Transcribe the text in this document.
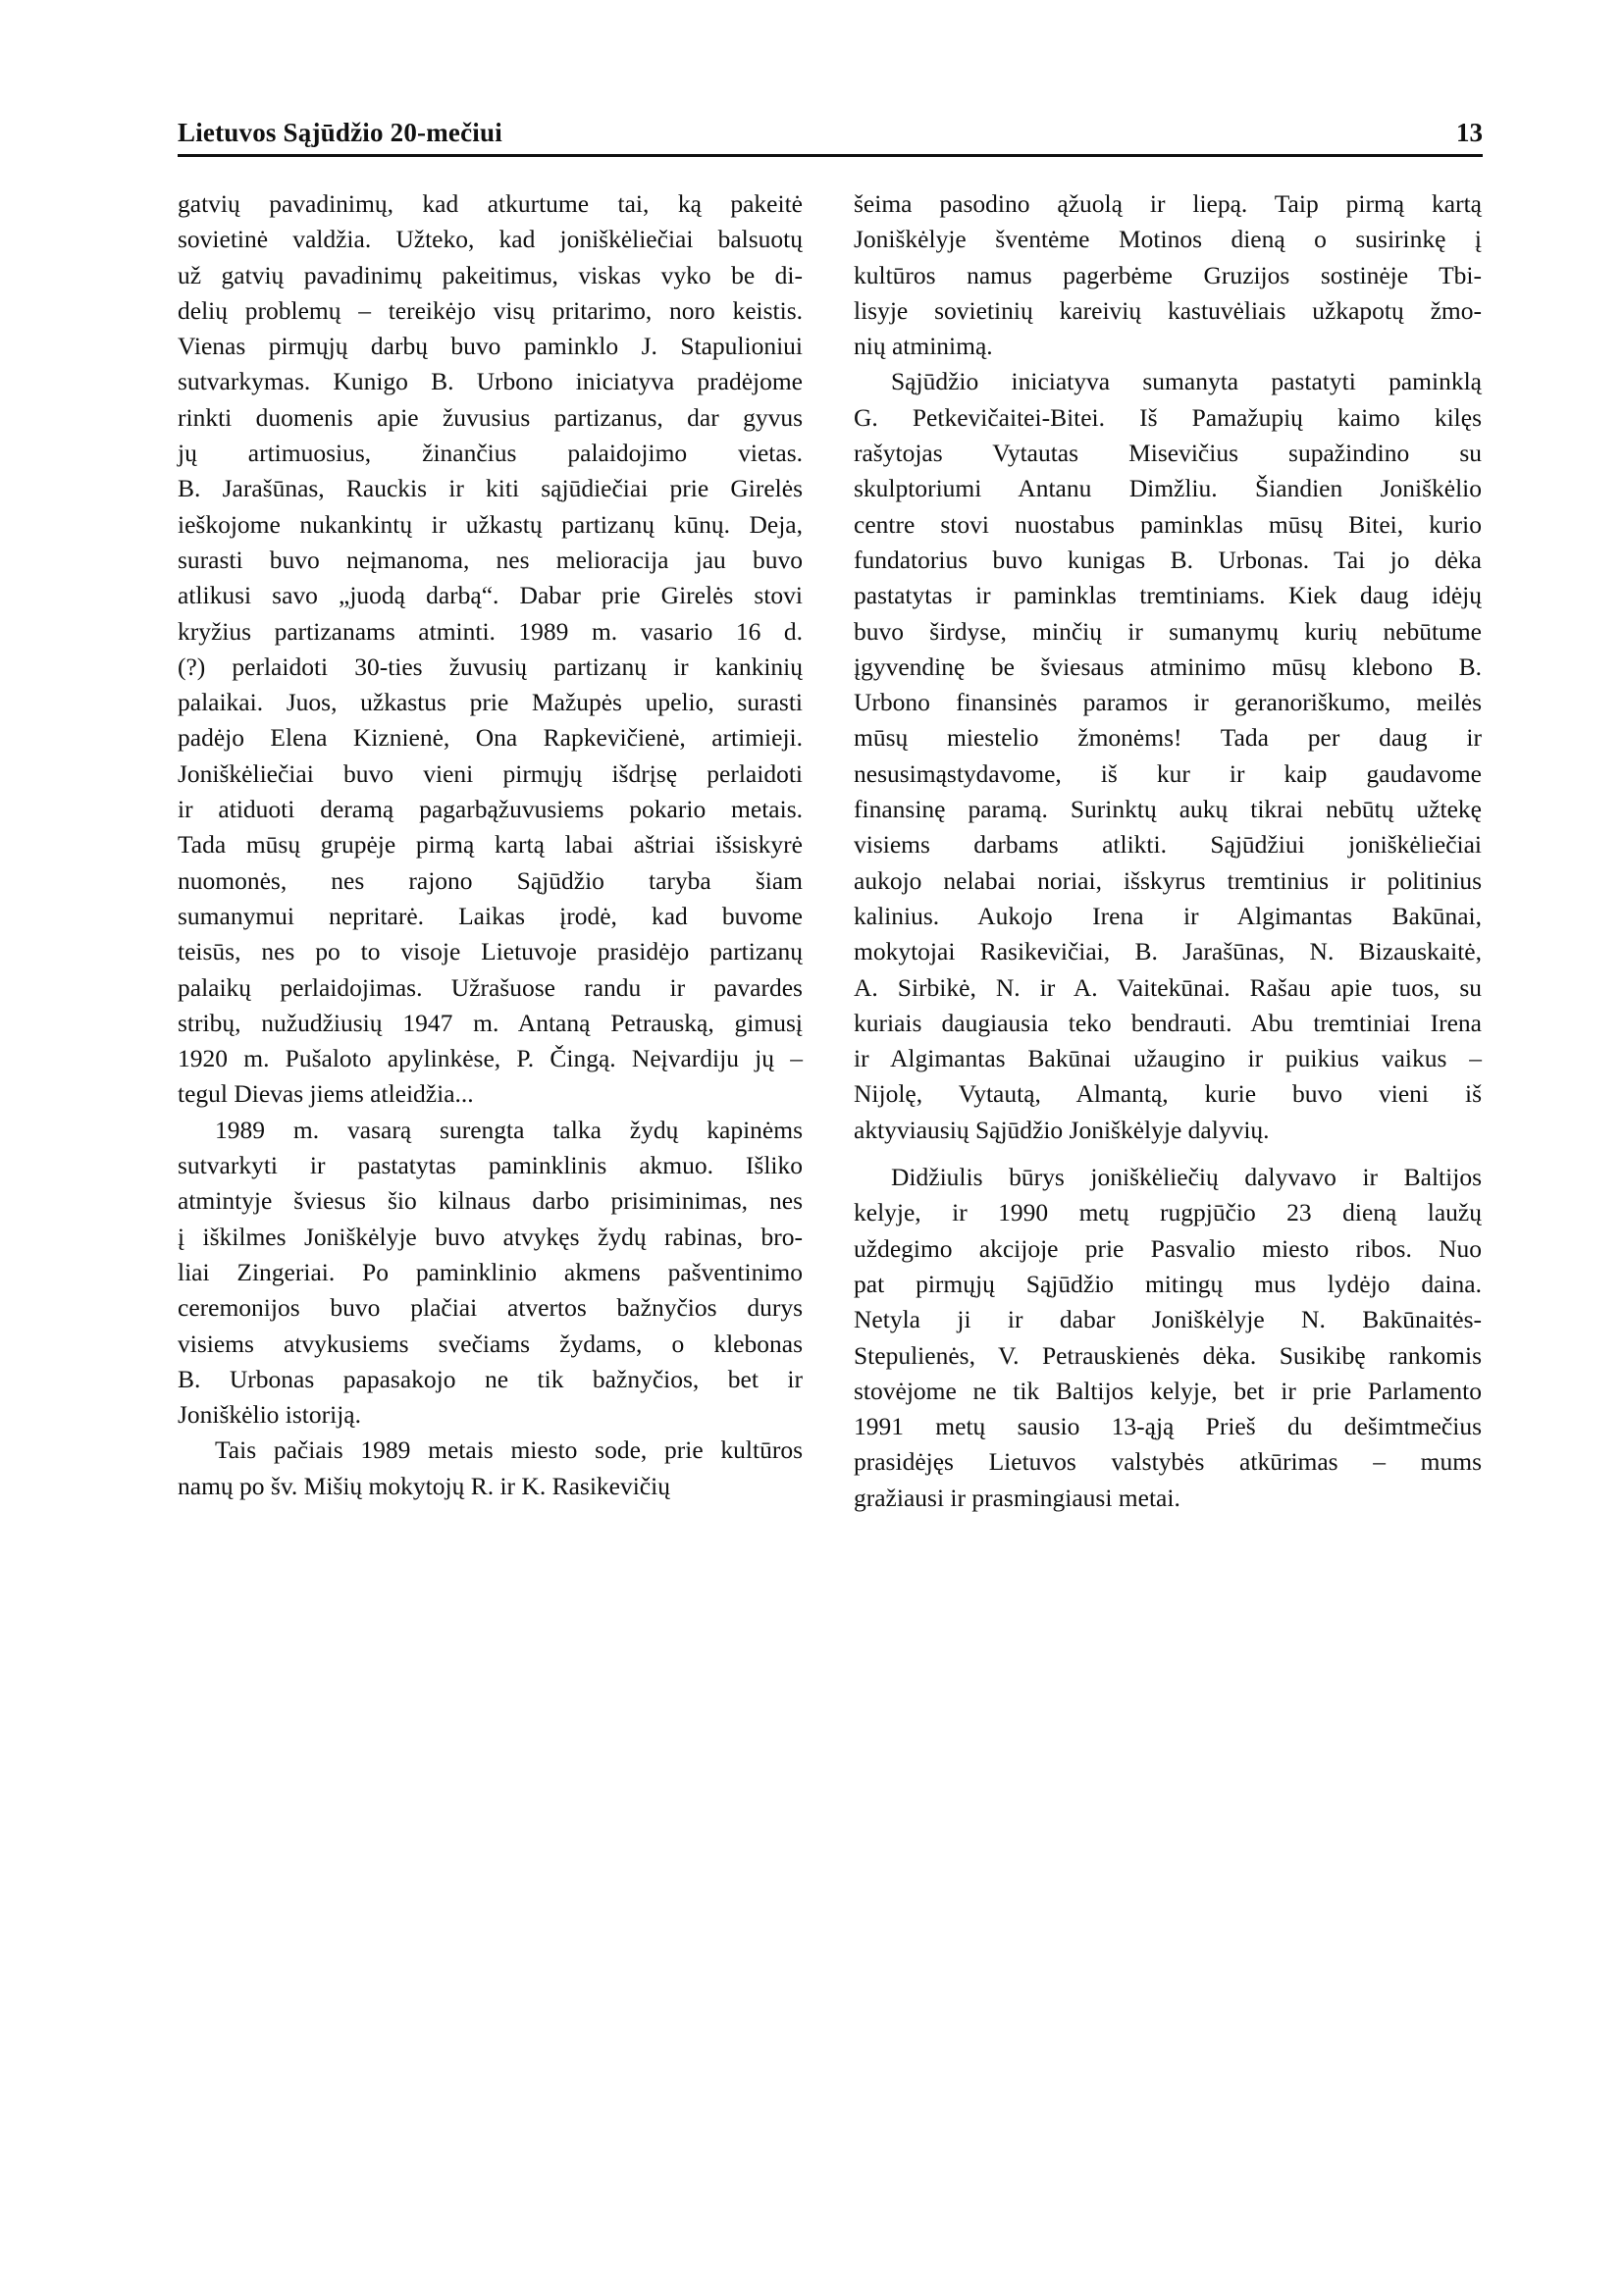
Lietuvos Sąjūdžio 20-mečiui	13
gatvių pavadinimų, kad atkurtume tai, ką pakeitė
sovietinė valdžia. Užteko, kad joniškėliečiai balsuotų
už gatvių pavadinimų pakeitimus, viskas vyko be di-
delių problemų – tereikėjo visų pritarimo, noro keistis.
Vienas pirmųjų darbų buvo paminklo J. Stapulioniui
sutvarkymas. Kunigo B. Urbono iniciatyva pradėjome
rinkti duomenis apie žuvusius partizanus, dar gyvus
jų artimuosius, žinančius palaidojimo vietas.
B. Jarašūnas, Rauckis ir kiti sąjūdiečiai prie Girelės
ieškojome nukankintų ir užkastų partizanų kūnų. Deja,
surasti buvo neįmanoma, nes melioracija jau buvo
atlikusi savo „juodą darbą“. Dabar prie Girelės stovi
kryžius partizanams atminti. 1989 m. vasario 16 d.
(?) perlaidoti 30-ties žuvusių partizanų ir kankinių
palaikai. Juos, užkastus prie Mažupės upelio, surasti
padėjo Elena Kiznienė, Ona Rapkevičienė, artimieji.
Joniškėliečiai buvo vieni pirmųjų išdrįsę perlaidoti
ir atiduoti deramą pagarbąžuvusiems pokario metais.
Tada mūsų grupėje pirmą kartą labai aštriai išsiskyrė
nuomonės, nes rajono Sąjūdžio taryba šiam
sumanymui nepritarė. Laikas įrodė, kad buvome
teisūs, nes po to visoje Lietuvoje prasidėjo partizanų
palaikų perlaidojimas. Užrašuose randu ir pavardes
stribų, nužudžiusių 1947 m. Antaną Petrauską, gimusį
1920 m. Pušaloto apylinkėse, P. Čingą. Neįvardiju jų –
tegul Dievas jiems atleidžia...
1989 m. vasarą surengta talka žydų kapinėms
sutvarkyti ir pastatytas paminklinis akmuo. Išliko
atmintyje šviesus šio kilnaus darbo prisiminimas, nes
į iškilmes Joniškėlyje buvo atvykęs žydų rabinas, bro-
liai Zingeriai. Po paminklinio akmens pašventinimo
ceremonijos buvo plačiai atvertos bažnyčios durys
visiems atvykusiems svečiams žydams, o klebonas
B. Urbonas papasakojo ne tik bažnyčios, bet ir
Joniškėlio istoriją.
Tais pačiais 1989 metais miesto sode, prie kultūros
namų po šv. Mišių mokytojų R. ir K. Rasikevičių
šeima pasodino ąžuolą ir liepą. Taip pirmą kartą
Joniškėlyje šventėme Motinos dieną o susirinkę į
kultūros namus pagerbėme Gruzijos sostinėje Tbi-
lisyje sovietinių kareivių kastuvėliais užkapotų žmo-
nių atminimą.
Sąjūdžio iniciatyva sumanyta pastatyti paminklą
G. Petkevičaitei-Bitei. Iš Pamažupių kaimo kilęs
rašytojas Vytautas Misevičius supažindino su
skulptoriumi Antanu Dimžliu. Šiandien Joniškėlio
centre stovi nuostabus paminklas mūsų Bitei, kurio
fundatorius buvo kunigas B. Urbonas. Tai jo dėka
pastatytas ir paminklas tremtiniams. Kiek daug idėjų
buvo širdyse, minčių ir sumanymų kurių nebūtume
įgyvendinę be šviesaus atminimo mūsų klebono B.
Urbono finansinės paramos ir geranoriškumo, meilės
mūsų miestelio žmonėms! Tada per daug ir
nesusimąstydavome, iš kur ir kaip gaudavome
finansinę paramą. Surinktų aukų tikrai nebūtų užtekę
visiems darbams atlikti. Sąjūdžiui joniškėliečiai
aukojo nelabai noriai, išskyrus tremtinius ir politinius
kalinius. Aukojo Irena ir Algimantas Bakūnai,
mokytojai Rasikevičiai, B. Jarašūnas, N. Bizauskaitė,
A. Sirbikė, N. ir A. Vaitekūnai. Rašau apie tuos, su
kuriais daugiausia teko bendrauti. Abu tremtiniai Irena
ir Algimantas Bakūnai užaugino ir puikius vaikus –
Nijolę, Vytautą, Almantą, kurie buvo vieni iš
aktyviausių Sąjūdžio Joniškėlyje dalyvių.
Didžiulis būrys joniškėliečių dalyvavo ir Baltijos
kelyje, ir 1990 metų rugpjūčio 23 dieną laužų
uždegimo akcijoje prie Pasvalio miesto ribos. Nuo
pat pirmųjų Sąjūdžio mitingų mus lydėjo daina.
Netyla ji ir dabar Joniškėlyje N. Bakūnaitės-
Stepulienės, V. Petrauskienės dėka. Susikibę rankomis
stovėjome ne tik Baltijos kelyje, bet ir prie Parlamento
1991 metų sausio 13-ąją Prieš du dešimtmečius
prasidėjęs Lietuvos valstybės atkūrimas – mums
gražiausi ir prasmingiausi metai.
